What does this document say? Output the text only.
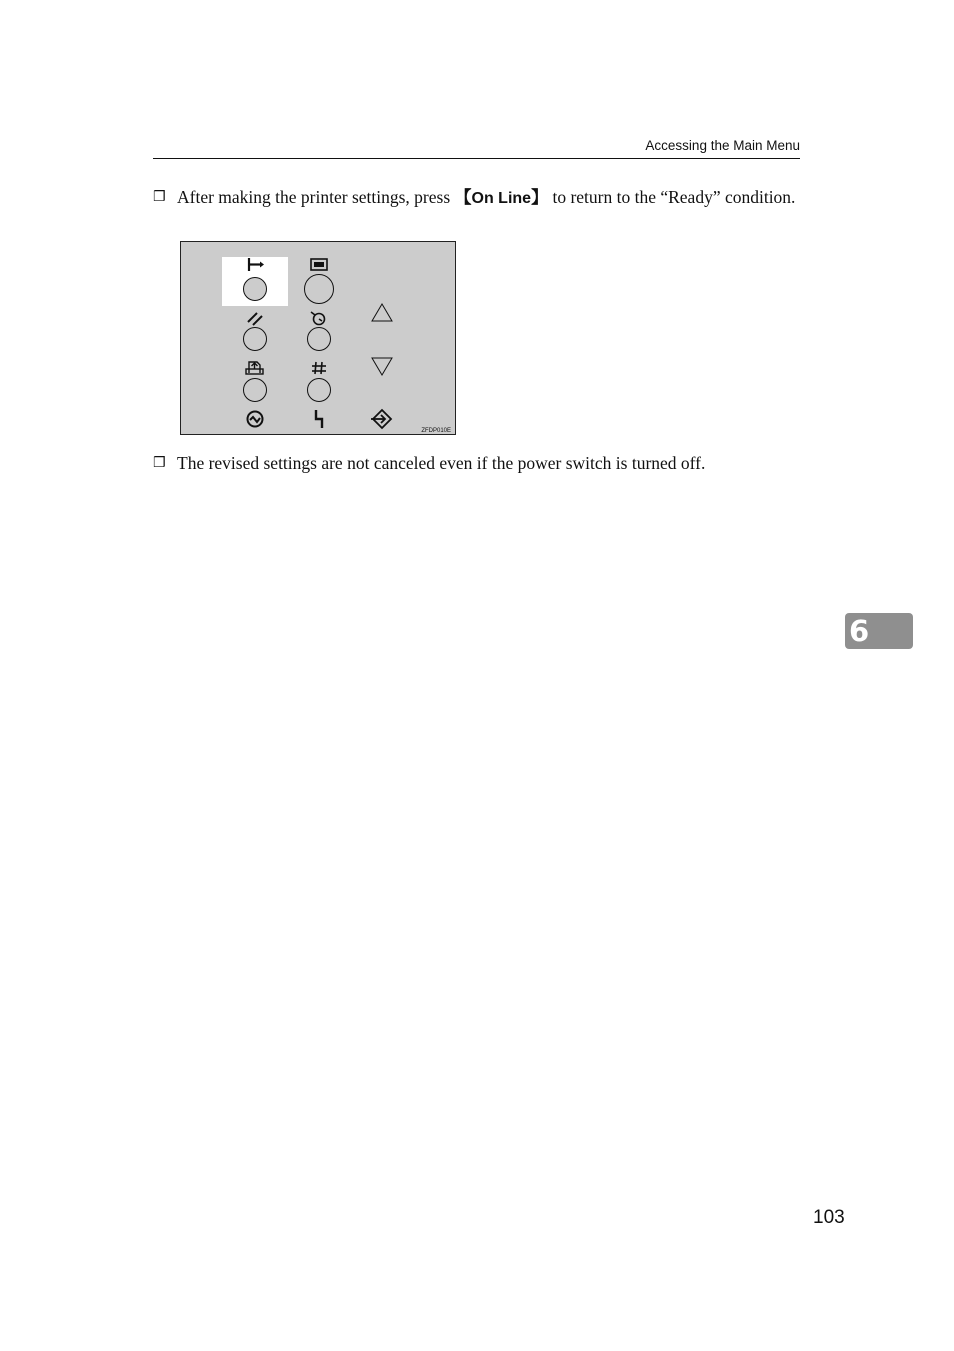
Accessing the Main Menu
❒ After making the printer settings, press 【On Line】 to return to the “Ready” condition.
ZFDP010E
❒ The revised settings are not canceled even if the power switch is turned off.
6
103
